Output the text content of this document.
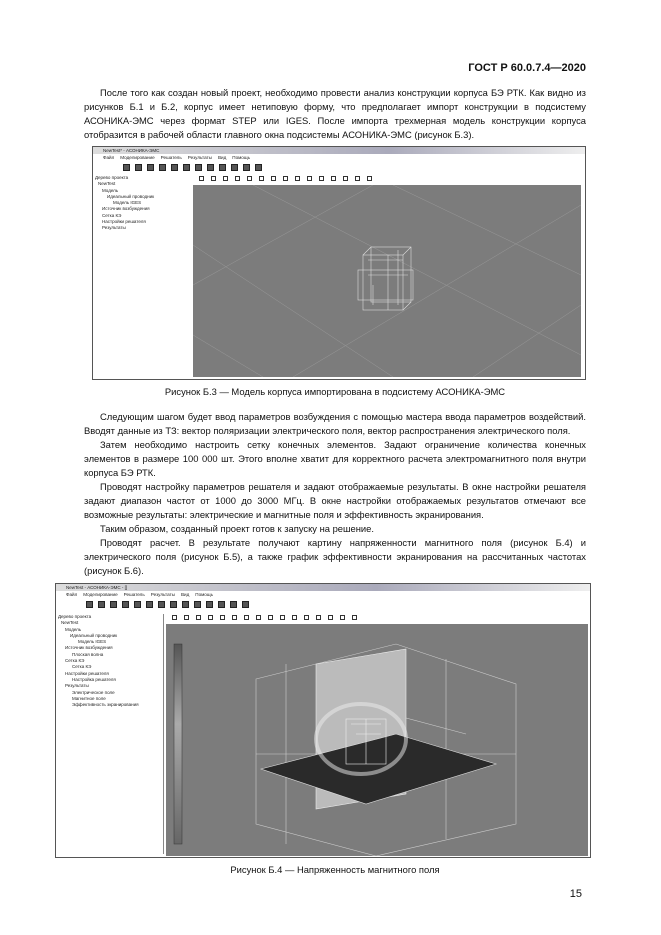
ГОСТ Р 60.0.7.4—2020
После того как создан новый проект, необходимо провести анализ конструкции корпуса БЭ РТК. Как видно из рисунков Б.1 и Б.2, корпус имеет нетиповую форму, что предполагает импорт конструкции в подсистему АСОНИКА-ЭМС через формат STEP или IGES. После импорта трехмерная модель конструкции корпуса отобразится в рабочей области главного окна подсистемы АСОНИКА-ЭМС (рисунок Б.3).
NewTest* - АСОНИКА-ЭМС
Файл Моделирование Решатель Результаты Вид Помощь
Дерево проекта
NewTest
Модель
Идеальный проводник
Модель IGES
Источник возбуждения
Сетка КЭ
Настройки решателя
Результаты
Рисунок Б.3 — Модель корпуса импортирована в подсистему АСОНИКА-ЭМС
Следующим шагом будет ввод параметров возбуждения с помощью мастера ввода параметров воздействий. Вводят данные из ТЗ: вектор поляризации электрического поля, вектор распространения электрического поля.
Затем необходимо настроить сетку конечных элементов. Задают ограничение количества конечных элементов в размере 100 000 шт. Этого вполне хватит для корректного расчета электромагнитного поля внутри корпуса БЭ РТК.
Проводят настройку параметров решателя и задают отображаемые результаты. В окне настройки решателя задают диапазон частот от 1000 до 3000 МГц. В окне настройки отображаемых результатов отмечают все возможные результаты: электрические и магнитные поля и эффективность экранирования.
Таким образом, созданный проект готов к запуску на решение.
Проводят расчет. В результате получают картину напряженности магнитного поля (рисунок Б.4) и электрического поля (рисунок Б.5), а также график эффективности экранирования на рассчитанных частотах (рисунок Б.6).
NewTest - АСОНИКА-ЭМС - []
Файл Моделирование Решатель Результаты Вид Помощь
Дерево проекта
NewTest
Модель
Идеальный проводник
Модель IGES
Источник возбуждения
Плоская волна
Сетка КЭ
Сетка КЭ
Настройки решателя
Настройка решателя
Результаты
Электрическое поле
Магнитное поле
Эффективность экранирования
Рисунок Б.4 — Напряженность магнитного поля
15
